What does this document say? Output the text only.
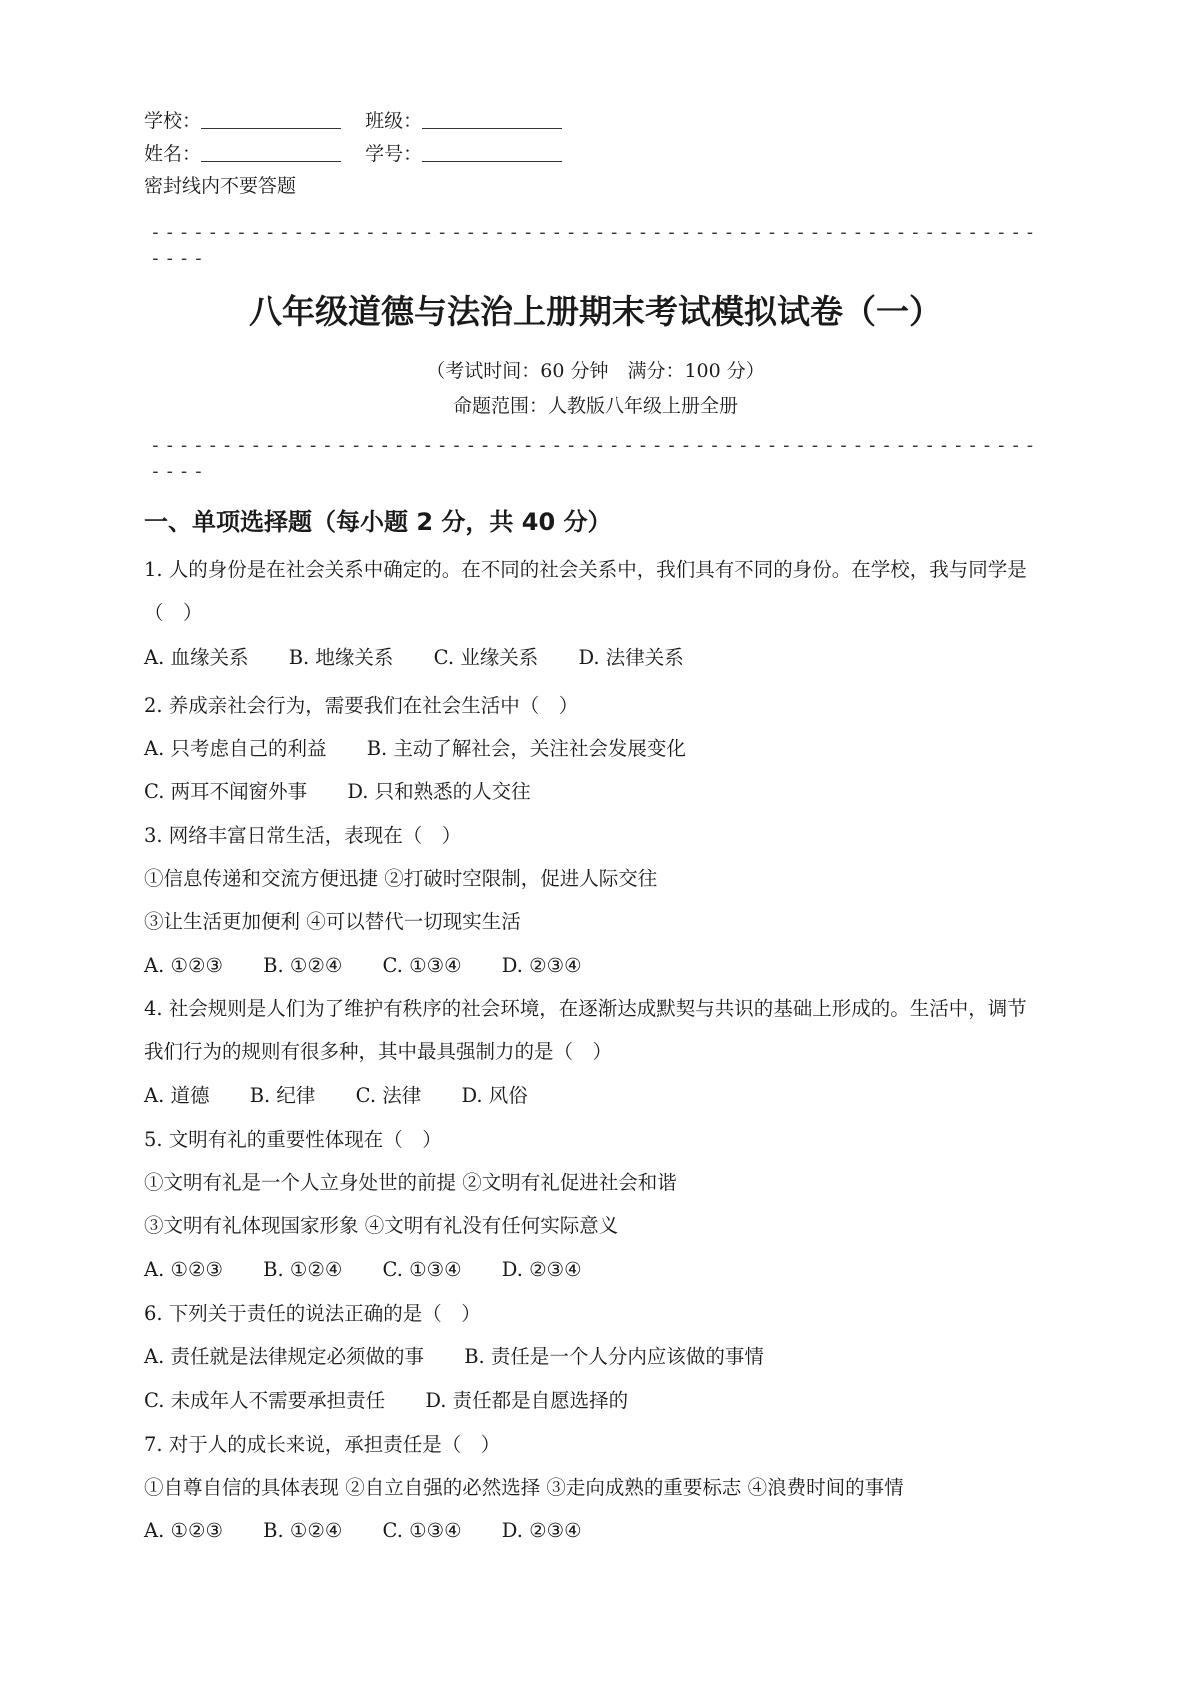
学校：	班级：
姓名：	学号：
密封线内不要答题
------------------------------------------------------------------
八年级道德与法治上册期末考试模拟试卷（一）
（考试时间：60 分钟　满分：100 分）
命题范围：人教版八年级上册全册
------------------------------------------------------------------
一、单项选择题（每小题 2 分，共 40 分）
1. 人的身份是在社会关系中确定的。在不同的社会关系中，我们具有不同的身份。在学校，我与同学是（　）
A. 血缘关系 B. 地缘关系 C. 业缘关系 D. 法律关系
2. 养成亲社会行为，需要我们在社会生活中（　）
A. 只考虑自己的利益 B. 主动了解社会，关注社会发展变化
C. 两耳不闻窗外事 D. 只和熟悉的人交往
3. 网络丰富日常生活，表现在（　）
①信息传递和交流方便迅捷 ②打破时空限制，促进人际交往
③让生活更加便利 ④可以替代一切现实生活
A. ①②③ B. ①②④ C. ①③④ D. ②③④
4. 社会规则是人们为了维护有秩序的社会环境，在逐渐达成默契与共识的基础上形成的。生活中，调节我们行为的规则有很多种，其中最具强制力的是（　）
A. 道德 B. 纪律 C. 法律 D. 风俗
5. 文明有礼的重要性体现在（　）
①文明有礼是一个人立身处世的前提 ②文明有礼促进社会和谐
③文明有礼体现国家形象 ④文明有礼没有任何实际意义
A. ①②③ B. ①②④ C. ①③④ D. ②③④
6. 下列关于责任的说法正确的是（　）
A. 责任就是法律规定必须做的事 B. 责任是一个人分内应该做的事情
C. 未成年人不需要承担责任 D. 责任都是自愿选择的
7. 对于人的成长来说，承担责任是（　）
①自尊自信的具体表现 ②自立自强的必然选择 ③走向成熟的重要标志 ④浪费时间的事情
A. ①②③ B. ①②④ C. ①③④ D. ②③④
